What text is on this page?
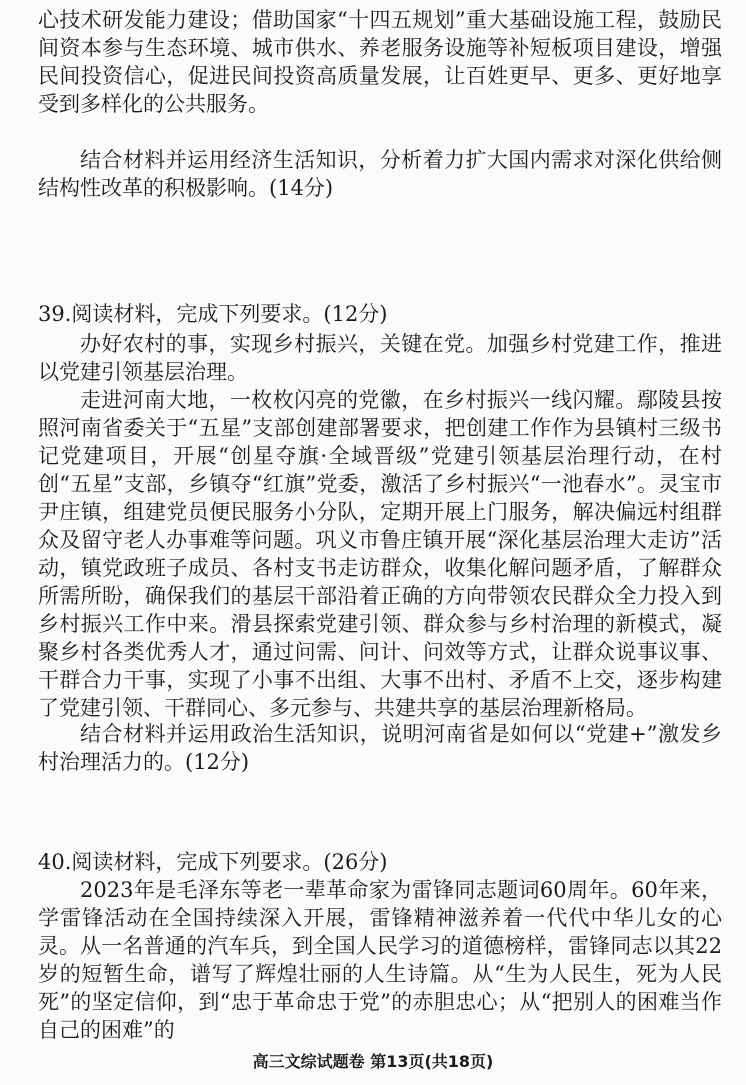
心技术研发能力建设；借助国家“十四五规划”重大基础设施工程，鼓励民间资本参与生态环境、城市供水、养老服务设施等补短板项目建设，增强民间投资信心，促进民间投资高质量发展，让百姓更早、更多、更好地享受到多样化的公共服务。

结合材料并运用经济生活知识，分析着力扩大国内需求对深化供给侧结构性改革的积极影响。(14分)

39.阅读材料，完成下列要求。(12分)

办好农村的事，实现乡村振兴，关键在党。加强乡村党建工作，推进以党建引领基层治理。

走进河南大地，一枚枚闪亮的党徽，在乡村振兴一线闪耀。鄢陵县按照河南省委关于“五星”支部创建部署要求，把创建工作作为县镇村三级书记党建项目，开展“创星夺旗·全域晋级”党建引领基层治理行动，在村创“五星”支部，乡镇夺“红旗”党委，激活了乡村振兴“一池春水”。灵宝市尹庄镇，组建党员便民服务小分队，定期开展上门服务，解决偏远村组群众及留守老人办事难等问题。巩义市鲁庄镇开展“深化基层治理大走访”活动，镇党政班子成员、各村支书走访群众，收集化解问题矛盾，了解群众所需所盼，确保我们的基层干部沿着正确的方向带领农民群众全力投入到乡村振兴工作中来。滑县探索党建引领、群众参与乡村治理的新模式，凝聚乡村各类优秀人才，通过问需、问计、问效等方式，让群众说事议事、干群合力干事，实现了小事不出组、大事不出村、矛盾不上交，逐步构建了党建引领、干群同心、多元参与、共建共享的基层治理新格局。

结合材料并运用政治生活知识，说明河南省是如何以“党建+”激发乡村治理活力的。(12分)

40.阅读材料，完成下列要求。(26分)

2023年是毛泽东等老一辈革命家为雷锋同志题词60周年。60年来，学雷锋活动在全国持续深入开展，雷锋精神滋养着一代代中华儿女的心灵。 从一名普通的汽车兵，到全国人民学习的道德榜样，雷锋同志以其22岁的短暂生命，谱写了辉煌壮丽的人生诗篇。从“生为人民生，死为人民死”的坚定信仰，到“忠于革命忠于党”的赤胆忠心；从“把别人的困难当作自己的困难”的

高三文综试题卷 第13页(共18页)
